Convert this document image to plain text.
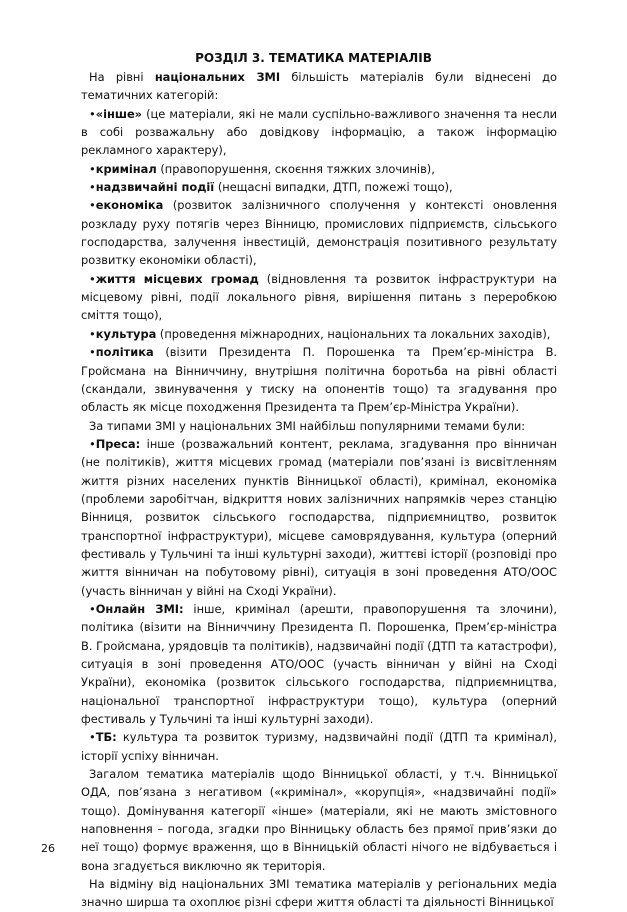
РОЗДІЛ 3. ТЕМАТИКА МАТЕРІАЛІВ

На рівні національних ЗМІ більшість матеріалів були віднесені до тематичних категорій:

•«інше» (це матеріали, які не мали суспільно-важливого значення та несли в собі розважальну або довідкову інформацію, а також інформацію рекламного характеру),

•кримінал (правопорушення, скоєння тяжких злочинів),

•надзвичайні події (нещасні випадки, ДТП, пожежі тощо),

•економіка (розвиток залізничного сполучення у контексті оновлення розкладу руху потягів через Вінницю, промислових підприємств, сільського господарства, залучення інвестицій, демонстрація позитивного результату розвитку економіки області),

•життя місцевих громад (відновлення та розвиток інфраструктури на місцевому рівні, події локального рівня, вирішення питань з переробкою сміття тощо),

•культура (проведення міжнародних, національних та локальних заходів),

•політика (візити Президента П. Порошенка та Прем’єр-міністра В. Гройсмана на Вінниччину, внутрішня політична боротьба на рівні області (скандали, звинувачення у тиску на опонентів тощо) та згадування про область як місце походження Президента та Прем’єр-Міністра України).

За типами ЗМІ у національних ЗМІ найбільш популярними темами були:

•Преса: інше (розважальний контент, реклама, згадування про вінничан (не політиків), життя місцевих громад (матеріали пов’язані із висвітленням життя різних населених пунктів Вінницької області), кримінал, економіка (проблеми заробітчан, відкриття нових залізничних напрямків через станцію Вінниця, розвиток сільського господарства, підприємництво, розвиток транспортної інфраструктури), місцеве самоврядування, культура (оперний фестиваль у Тульчині та інші культурні заходи), життєві історії (розповіді про життя вінничан на побутовому рівні), ситуація в зоні проведення АТО/ООС (участь вінничан у війні на Сході України).

•Онлайн ЗМІ: інше, кримінал (арешти, правопорушення та злочини), політика (візити на Вінниччину Президента П. Порошенка, Прем’єр-міністра В. Гройсмана, урядовців та політиків), надзвичайні події (ДТП та катастрофи), ситуація в зоні проведення АТО/ООС (участь вінничан у війні на Сході України), економіка (розвиток сільського господарства, підприємництва, національної транспортної інфраструктури тощо), культура (оперний фестиваль у Тульчині та інші культурні заходи).

•ТБ: культура та розвиток туризму, надзвичайні події (ДТП та кримінал), історії успіху вінничан.

Загалом тематика матеріалів щодо Вінницької області, у т.ч. Вінницької ОДА, пов’язана з негативом («кримінал», «корупція», «надзвичайні події» тощо). Домінування категорії «інше» (матеріали, які не мають змістовного наповнення – погода, згадки про Вінницьку область без прямої прив’язки до неї тощо) формує враження, що в Вінницькій області нічого не відбувається і вона згадується виключно як територія.

На відміну від національних ЗМІ тематика матеріалів у регіональних медіа значно ширша та охоплює різні сфери життя області та діяльності Вінницької

26
